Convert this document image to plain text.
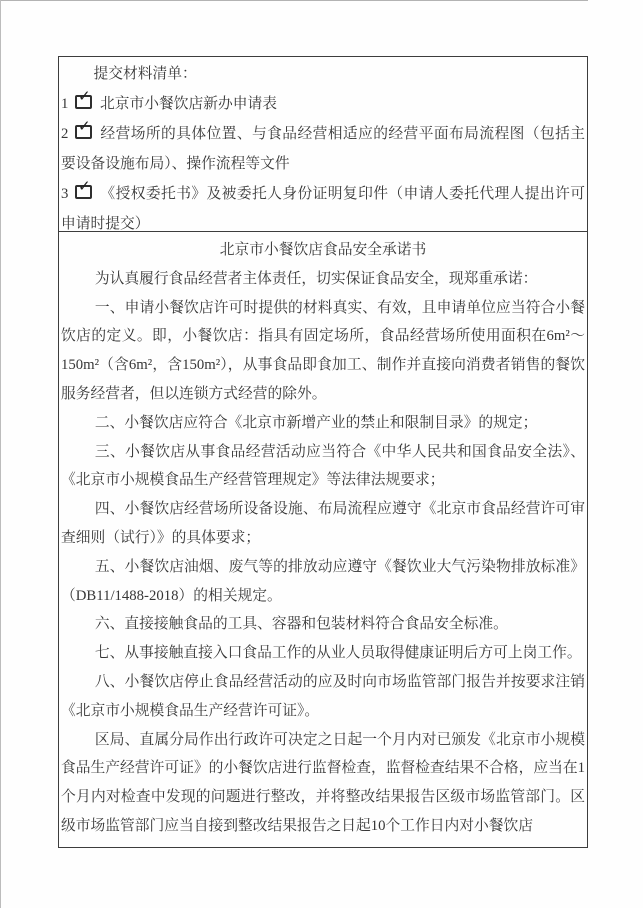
提交材料清单：

1 ✓ 北京市小餐饮店新办申请表

2 ✓ 经营场所的具体位置、与食品经营相适应的经营平面布局流程图（包括主要设备设施布局）、操作流程等文件

3 ✓ 《授权委托书》及被委托人身份证明复印件（申请人委托代理人提出许可申请时提交）

北京市小餐饮店食品安全承诺书

为认真履行食品经营者主体责任，切实保证食品安全，现郑重承诺：

一、申请小餐饮店许可时提供的材料真实、有效，且申请单位应当符合小餐饮店的定义。即，小餐饮店：指具有固定场所，食品经营场所使用面积在6m²～150m²（含6m²，含150m²），从事食品即食加工、制作并直接向消费者销售的餐饮服务经营者，但以连锁方式经营的除外。

二、小餐饮店应符合《北京市新增产业的禁止和限制目录》的规定；

三、小餐饮店从事食品经营活动应当符合《中华人民共和国食品安全法》、《北京市小规模食品生产经营管理规定》等法律法规要求；

四、小餐饮店经营场所设备设施、布局流程应遵守《北京市食品经营许可审查细则（试行）》的具体要求；

五、小餐饮店油烟、废气等的排放动应遵守《餐饮业大气污染物排放标准》（DB11/1488-2018）的相关规定。

六、直接接触食品的工具、容器和包装材料符合食品安全标准。

七、从事接触直接入口食品工作的从业人员取得健康证明后方可上岗工作。

八、小餐饮店停止食品经营活动的应及时向市场监管部门报告并按要求注销《北京市小规模食品生产经营许可证》。

区局、直属分局作出行政许可决定之日起一个月内对已颁发《北京市小规模食品生产经营许可证》的小餐饮店进行监督检查，监督检查结果不合格，应当在1个月内对检查中发现的问题进行整改，并将整改结果报告区级市场监管部门。区级市场监管部门应当自接到整改结果报告之日起10个工作日内对小餐饮店
